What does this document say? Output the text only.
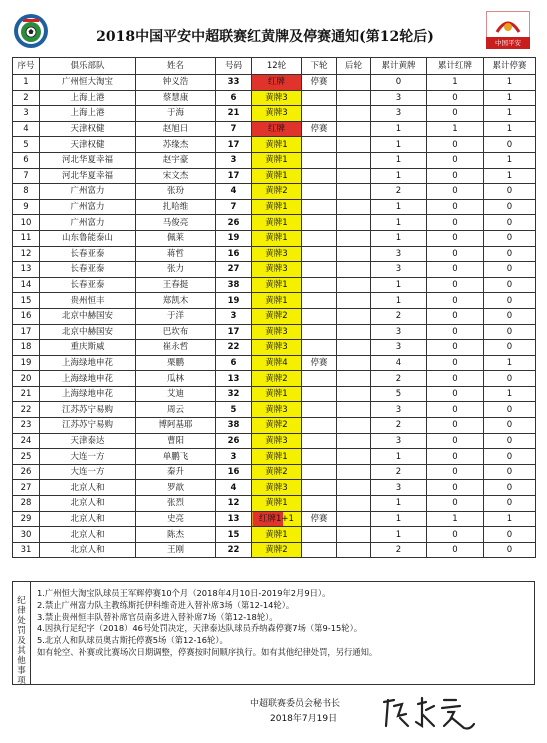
2018中国平安中超联赛红黄牌及停赛通知(第12轮后)	中国平安
序号	俱乐部队	姓名	号码	12轮	下轮	后轮	累计黄牌	累计红牌	累计停赛
1	广州恒大淘宝	钟义浩	33	红牌	停赛		0	1	1
2	上海上港	蔡慧康	6	黄牌3			3	0	1
3	上海上港	于海	21	黄牌3			3	0	1
4	天津权健	赵旭日	7	红牌	停赛		1	1	1
5	天津权健	苏缘杰	17	黄牌1			1	0	0
6	河北华夏幸福	赵宇豪	3	黄牌1			1	0	1
7	河北华夏幸福	宋文杰	17	黄牌1			1	0	1
8	广州富力	张玢	4	黄牌2			2	0	0
9	广州富力	扎哈维	7	黄牌1			1	0	0
10	广州富力	马俊亮	26	黄牌1			1	0	0
11	山东鲁能泰山	佩莱	19	黄牌1			1	0	0
12	长春亚泰	蒋哲	16	黄牌3			3	0	0
13	长春亚泰	张力	27	黄牌3			3	0	0
14	长春亚泰	王春挺	38	黄牌1			1	0	0
15	贵州恒丰	郑凯木	19	黄牌1			1	0	0
16	北京中赫国安	于洋	3	黄牌2			2	0	0
17	北京中赫国安	巴坎布	17	黄牌3			3	0	0
18	重庆斯威	崔永哲	22	黄牌3			3	0	0
19	上海绿地申花	栗鹏	6	黄牌4	停赛		4	0	1
20	上海绿地申花	瓜林	13	黄牌2			2	0	0
21	上海绿地申花	艾迪	32	黄牌1			5	0	1
22	江苏苏宁易购	周云	5	黄牌3			3	0	0
23	江苏苏宁易购	博阿基耶	38	黄牌2			2	0	0
24	天津泰达	曹阳	26	黄牌3			3	0	0
25	大连一方	单鹏飞	3	黄牌1			1	0	0
26	大连一方	秦升	16	黄牌2			2	0	0
27	北京人和	罗歆	4	黄牌3			3	0	0
28	北京人和	张烈	12	黄牌1			1	0	0
29	北京人和	史亮	13	红牌1+1	停赛		1	1	1
30	北京人和	陈杰	15	黄牌1			1	0	0
31	北京人和	王刚	22	黄牌2			2	0	0
纪
律
处
罚
及
其
他
事
项
1.广州恒大淘宝队球员王军辉停赛10个月（2018年4月10日-2019年2月9日）。
2.禁止广州富力队主教练斯托伊科维奇进入替补席3场（第12-14轮）。
3.禁止贵州恒丰队替补席官员南多进入替补席7场（第12-18轮）。
4.因执行足纪字（2018）46号处罚决定，天津泰达队球员乔纳森停赛7场（第9-15轮）。
5.北京人和队球员奥古斯托停赛5场（第12-16轮）。
如有轮空、补赛或比赛场次日期调整，停赛按时间顺序执行。如有其他纪律处罚，另行通知。
中超联赛委员会秘书长
2018年7月19日
